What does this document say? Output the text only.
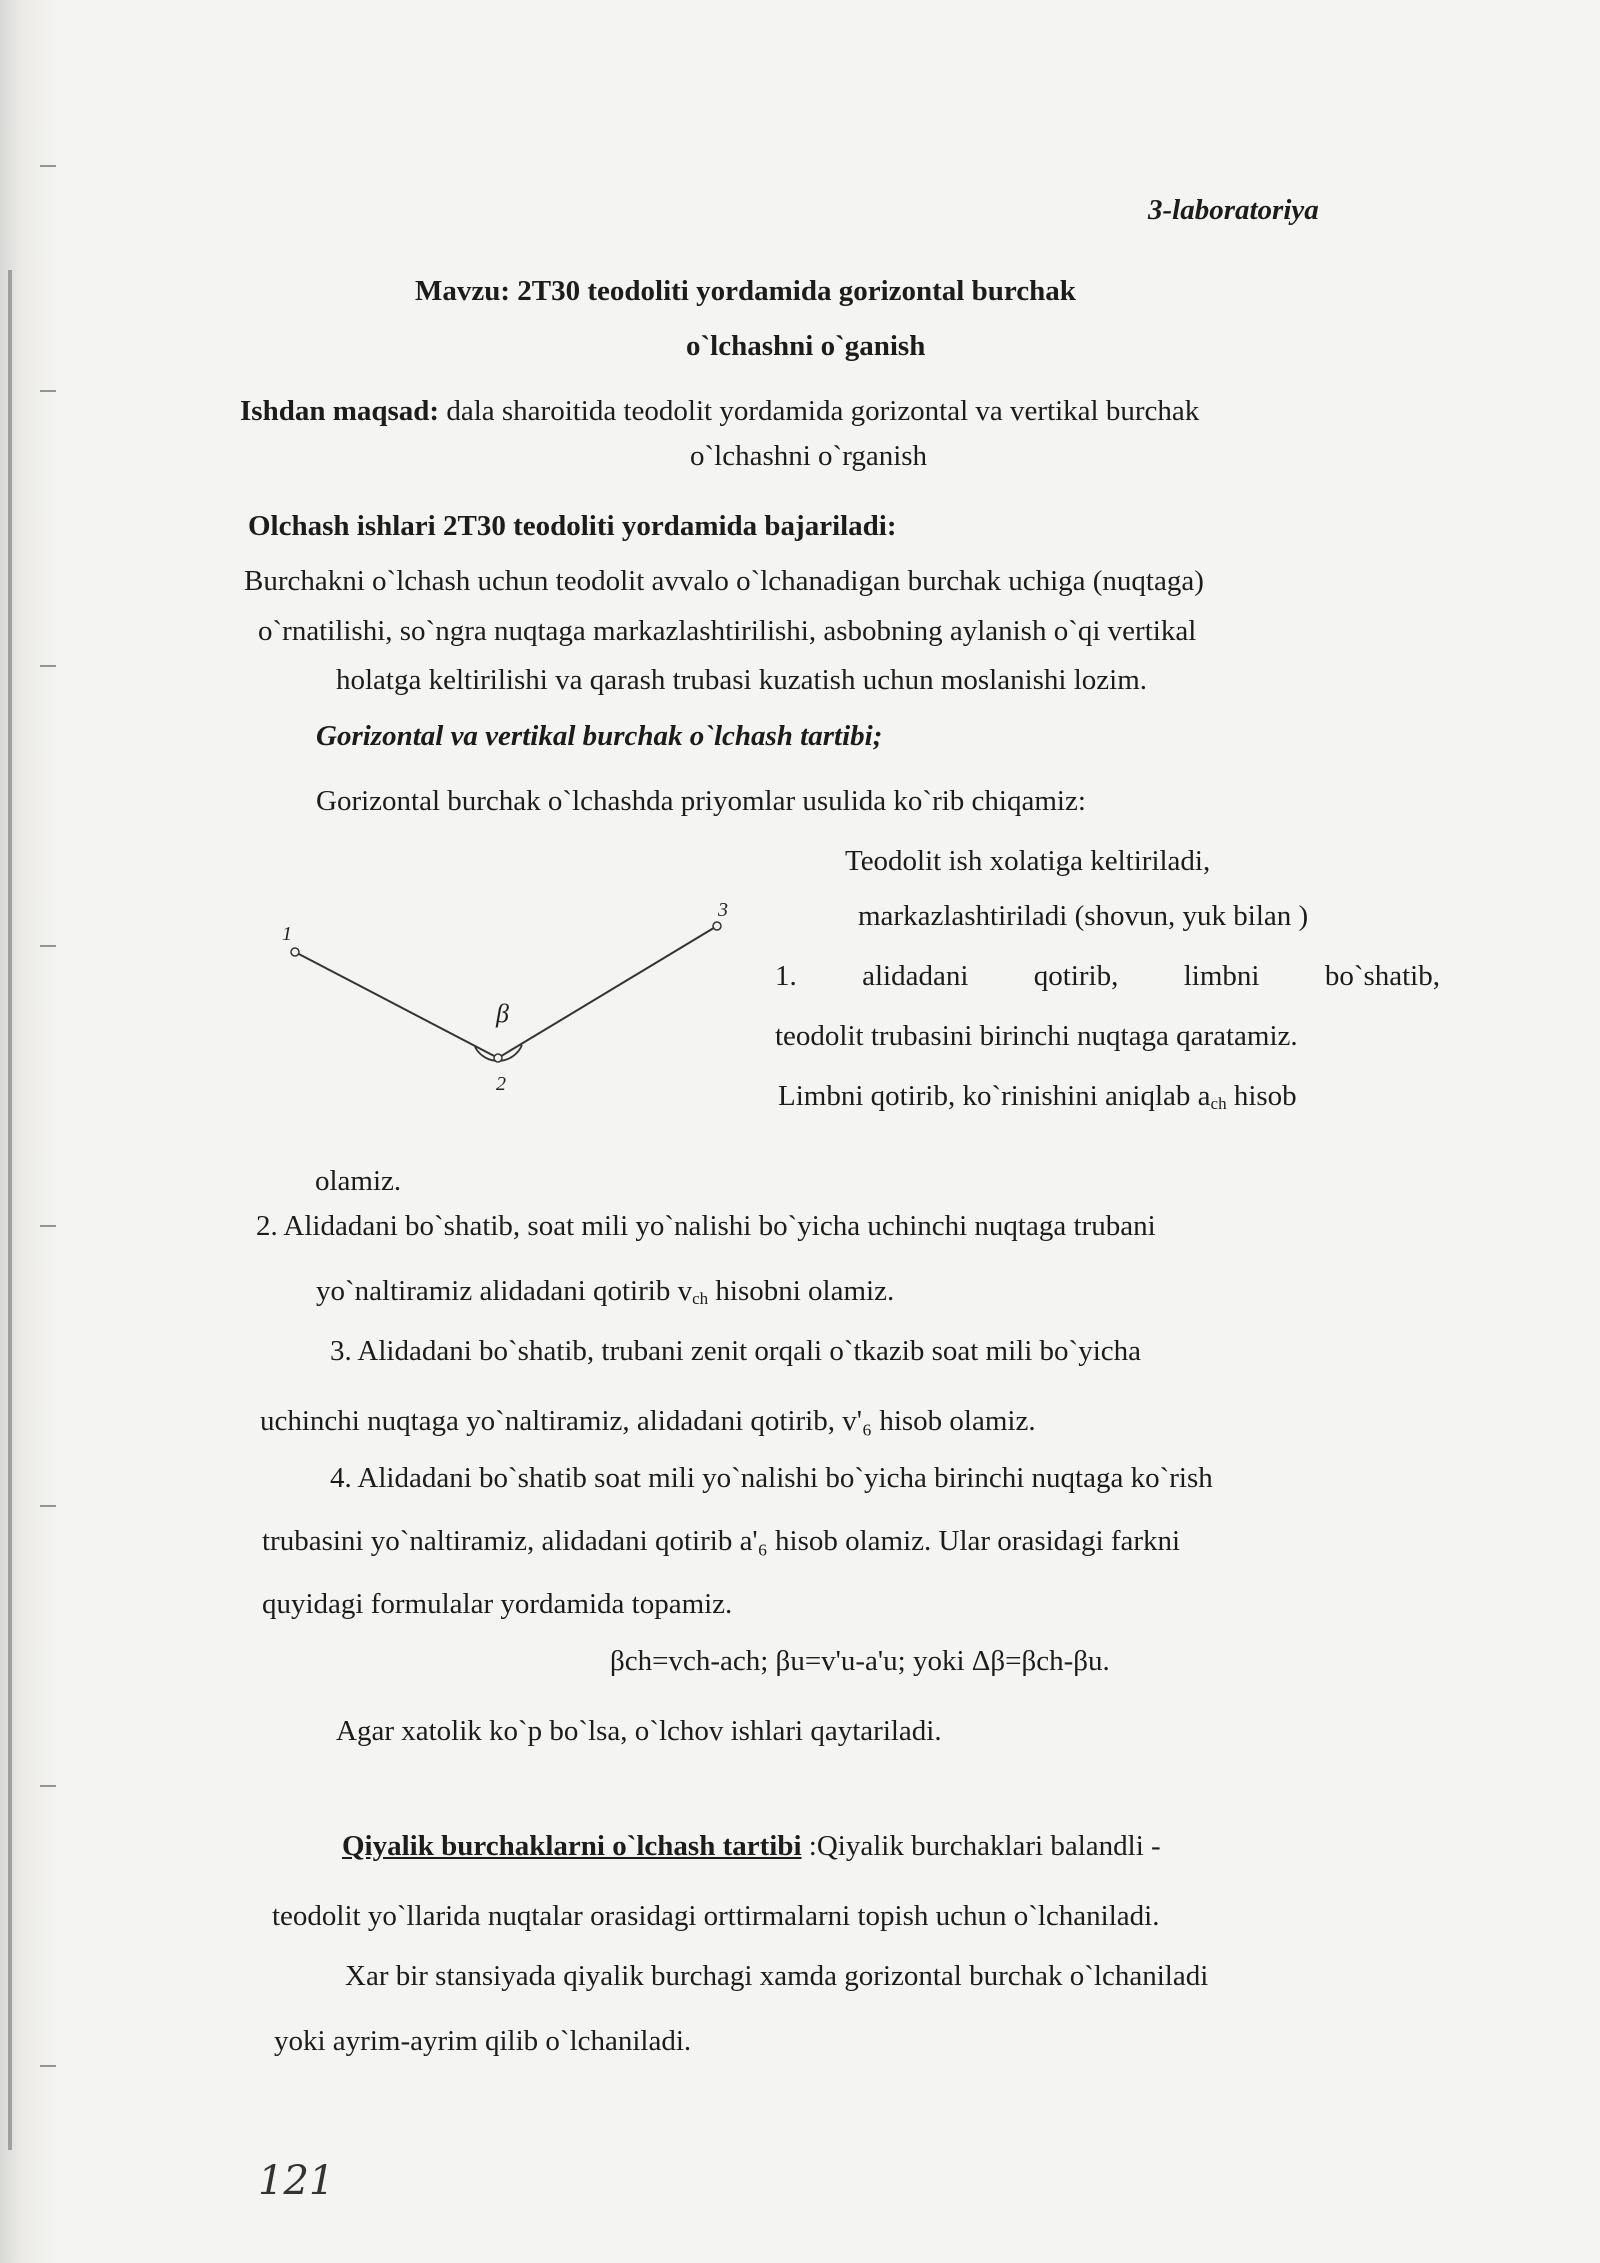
3-laboratoriya
Mavzu: 2T30 teodoliti yordamida gorizontal burchak
o`lchashni o`ganish
Ishdan maqsad: dala sharoitida teodolit yordamida gorizontal va vertikal burchak
o`lchashni o`rganish
Olchash ishlari 2T30 teodoliti yordamida bajariladi:
Burchakni o`lchash uchun teodolit avvalo o`lchanadigan burchak uchiga (nuqtaga)
o`rnatilishi, so`ngra nuqtaga markazlashtirilishi, asbobning aylanish o`qi vertikal
holatga keltirilishi va qarash trubasi kuzatish uchun moslanishi lozim.
Gorizontal va vertikal burchak o`lchash tartibi;
Gorizontal burchak o`lchashda priyomlar usulida ko`rib chiqamiz:
Teodolit ish xolatiga keltiriladi,
markazlashtiriladi (shovun, yuk bilan )
1. alidadani qotirib, limbni bo`shatib,
teodolit trubasini birinchi nuqtaga qaratamiz.
Limbni qotirib, ko`rinishini aniqlab $a_{ch}$ hisob
olamiz.
2. Alidadani bo`shatib, soat mili yo`nalishi bo`yicha uchinchi nuqtaga trubani
yo`naltiramiz alidadani qotirib $v_{ch}$ hisobni olamiz.
3. Alidadani bo`shatib, trubani zenit orqali o`tkazib soat mili bo`yicha
uchinchi nuqtaga yo`naltiramiz, alidadani qotirib, v'₆ hisob olamiz.
4. Alidadani bo`shatib soat mili yo`nalishi bo`yicha birinchi nuqtaga ko`rish
trubasini yo`naltiramiz, alidadani qotirib a'₆ hisob olamiz. Ular orasidagi farkni
quyidagi formulalar yordamida topamiz.
βch=vch-ach; βu=v'u-a'u; yoki Δβ=βch-βu.
Agar xatolik ko`p bo`lsa, o`lchov ishlari qaytariladi.
Qiyalik burchaklarni o`lchash tartibi :Qiyalik burchaklari balandli -
teodolit yo`llarida nuqtalar orasidagi orttirmalarni topish uchun o`lchaniladi.
Xar bir stansiyada qiyalik burchagi xamda gorizontal burchak o`lchaniladi
yoki ayrim-ayrim qilib o`lchaniladi.
1
2
3
β
121
